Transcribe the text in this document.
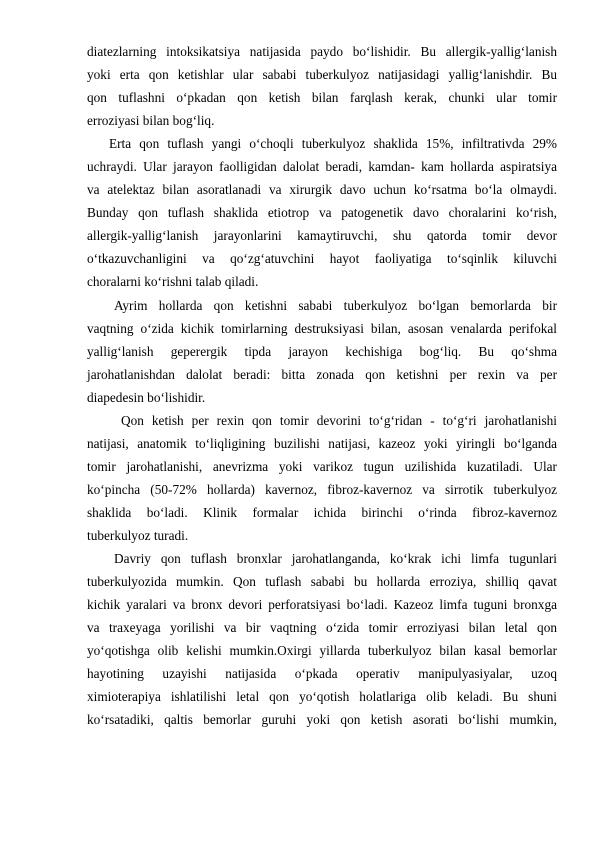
diatezlarning intoksikatsiya natijasida paydo bo‘lishidir. Bu allergik-yallig‘lanish
yoki erta qon ketishlar ular sababi tuberkulyoz natijasidagi yallig‘lanishdir. Bu
qon tuflashni o‘pkadan qon ketish bilan farqlash kerak, chunki ular tomir
erroziyasi bilan bog‘liq.
Erta qon tuflash yangi o‘choqli tuberkulyoz shaklida 15%, infiltrativda 29%
uchraydi. Ular jarayon faolligidan dalolat beradi, kamdan- kam hollarda aspiratsiya
va atelektaz bilan asoratlanadi va xirurgik davo uchun ko‘rsatma bo‘la olmaydi.
Bunday qon tuflash shaklida etiotrop va patogenetik davo choralarini ko‘rish,
allergik-yallig‘lanish jarayonlarini kamaytiruvchi, shu qatorda tomir devor
o‘tkazuvchanligini va qo‘zg‘atuvchini hayot faoliyatiga to‘sqinlik kiluvchi
choralarni ko‘rishni talab qiladi.
Ayrim hollarda qon ketishni sababi tuberkulyoz bo‘lgan bemorlarda bir
vaqtning o‘zida kichik tomirlarning destruksiyasi bilan, asosan venalarda perifokal
yallig‘lanish geperergik tipda jarayon kechishiga bog‘liq. Bu qo‘shma
jarohatlanishdan dalolat beradi: bitta zonada qon ketishni per rexin va per
diapedesin bo‘lishidir.
Qon ketish per rexin qon tomir devorini to‘g‘ridan - to‘g‘ri jarohatlanishi
natijasi, anatomik to‘liqligining buzilishi natijasi, kazeoz yoki yiringli bo‘lganda
tomir jarohatlanishi, anevrizma yoki varikoz tugun uzilishida kuzatiladi. Ular
ko‘pincha (50-72% hollarda) kavernoz, fibroz-kavernoz va sirrotik tuberkulyoz
shaklida bo‘ladi. Klinik formalar ichida birinchi o‘rinda fibroz-kavernoz
tuberkulyoz turadi.
Davriy qon tuflash bronxlar jarohatlanganda, ko‘krak ichi limfa tugunlari
tuberkulyozida mumkin. Qon tuflash sababi bu hollarda erroziya, shilliq qavat
kichik yaralari va bronx devori perforatsiyasi bo‘ladi. Kazeoz limfa tuguni bronxga
va traxeyaga yorilishi va bir vaqtning o‘zida tomir erroziyasi bilan letal qon
yo‘qotishga olib kelishi mumkin.Oxirgi yillarda tuberkulyoz bilan kasal bemorlar
hayotining uzayishi natijasida o‘pkada operativ manipulyasiyalar, uzoq
ximioterapiya ishlatilishi letal qon yo‘qotish holatlariga olib keladi. Bu shuni
ko‘rsatadiki, qaltis bemorlar guruhi yoki qon ketish asorati bo‘lishi mumkin,
